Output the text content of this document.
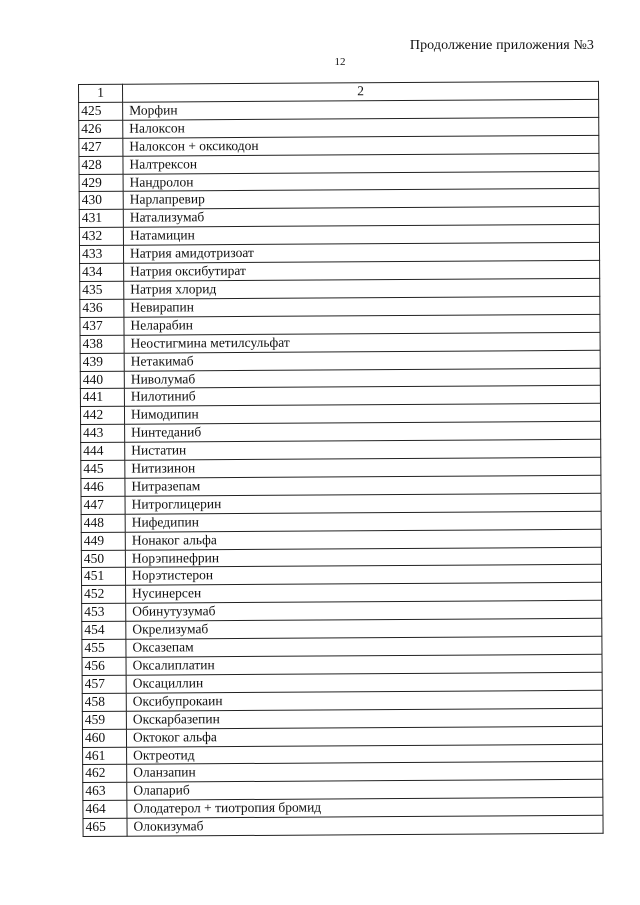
Продолжение приложения №3
12
1	2
425	Морфин
426	Налоксон
427	Налоксон + оксикодон
428	Налтрексон
429	Нандролон
430	Нарлапревир
431	Натализумаб
432	Натамицин
433	Натрия амидотризоат
434	Натрия оксибутират
435	Натрия хлорид
436	Невирапин
437	Неларабин
438	Неостигмина метилсульфат
439	Нетакимаб
440	Ниволумаб
441	Нилотиниб
442	Нимодипин
443	Нинтеданиб
444	Нистатин
445	Нитизинон
446	Нитразепам
447	Нитроглицерин
448	Нифедипин
449	Нонаког альфа
450	Норэпинефрин
451	Норэтистерон
452	Нусинерсен
453	Обинутузумаб
454	Окрелизумаб
455	Оксазепам
456	Оксалиплатин
457	Оксациллин
458	Оксибупрокаин
459	Окскарбазепин
460	Октоког альфа
461	Октреотид
462	Оланзапин
463	Олапариб
464	Олодатерол + тиотропия бромид
465	Олокизумаб
